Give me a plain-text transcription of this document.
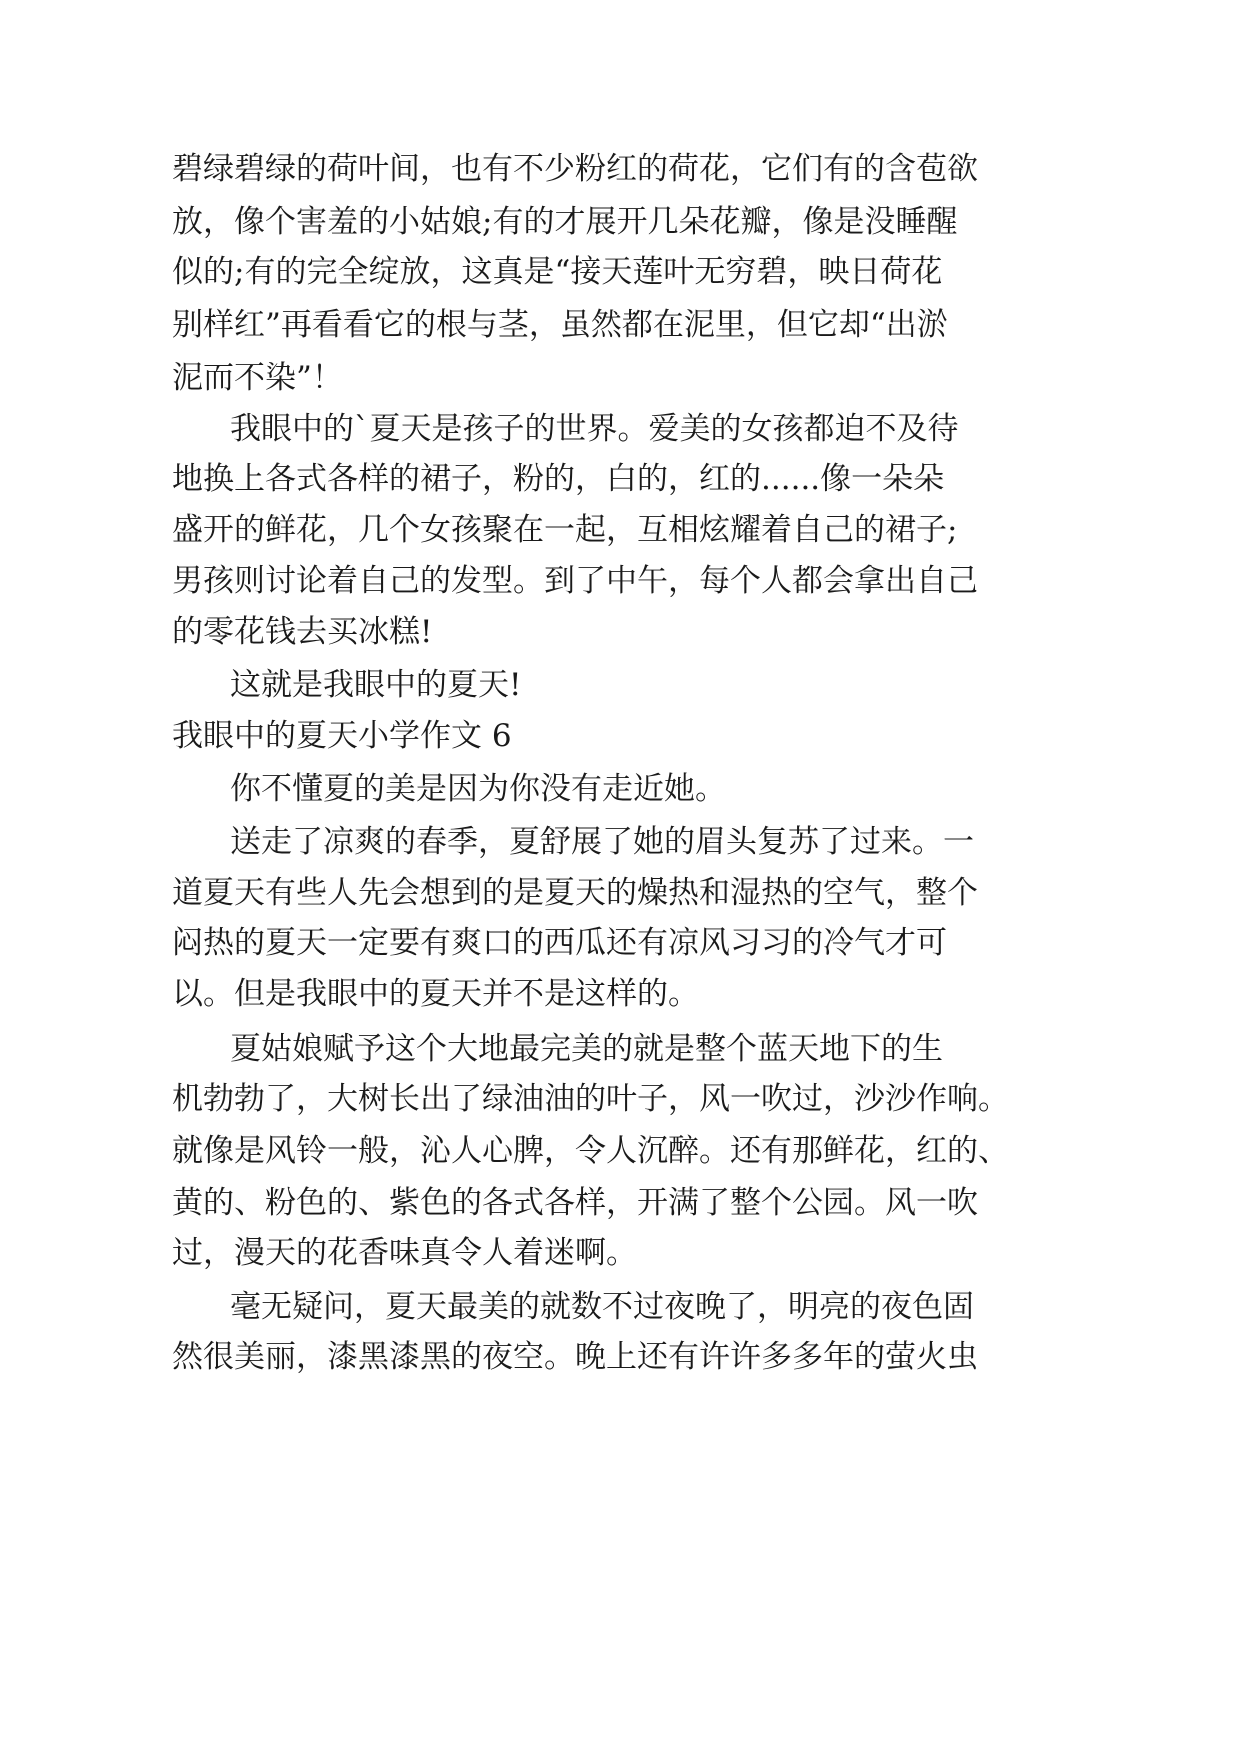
碧 绿 碧 绿 的 荷 叶 间 ， 也 有 不 少 粉 红 的 荷 花 ， 它 们 有 的 含 苞 欲
放 ， 像 个 害 羞 的 小 姑 娘 ; 有 的 才 展 开 几 朵 花 瓣 ， 像 是 没 睡 醒
似 的 ; 有 的 完 全 绽 放 ， 这 真 是 “ 接 天 莲 叶 无 穷 碧 ， 映 日 荷 花
别 样 红 ” 再 看 看 它 的 根 与 茎 ， 虽 然 都 在 泥 里 ， 但 它 却 “ 出 淤
泥而不染”！
我 眼 中 的 ` 夏 天 是 孩 子 的 世 界 。 爱 美 的 女 孩 都 迫 不 及 待
地 换 上 各 式 各 样 的 裙 子 ， 粉 的 ， 白 的 ， 红 的 . . . . . . 像 一 朵 朵
盛 开 的 鲜 花 ， 几 个 女 孩 聚 在 一 起 ， 互 相 炫 耀 着 自 己 的 裙 子 ;
男 孩 则 讨 论 着 自 己 的 发 型 。 到 了 中 午 ， 每 个 人 都 会 拿 出 自 己
的零花钱去买冰糕!
这就是我眼中的夏天!
我眼中的夏天小学作文 6
你不懂夏的美是因为你没有走近她。
送 走 了 凉 爽 的 春 季 ， 夏 舒 展 了 她 的 眉 头 复 苏 了 过 来 。 一
道 夏 天 有 些 人 先 会 想 到 的 是 夏 天 的 燥 热 和 湿 热 的 空 气 ， 整 个
闷 热 的 夏 天 一 定 要 有 爽 口 的 西 瓜 还 有 凉 风 习 习 的 冷 气 才 可
以。但是我眼中的夏天并不是这样的。
夏 姑 娘 赋 予 这 个 大 地 最 完 美 的 就 是 整 个 蓝 天 地 下 的 生
机 勃 勃 了 ， 大 树 长 出 了 绿 油 油 的 叶 子 ， 风 一 吹 过 ， 沙 沙 作 响 。
就 像 是 风 铃 一 般 ， 沁 人 心 脾 ， 令 人 沉 醉 。 还 有 那 鲜 花 ， 红 的 、
黄 的 、 粉 色 的 、 紫 色 的 各 式 各 样 ， 开 满 了 整 个 公 园 。 风 一 吹
过，漫天的花香味真令人着迷啊。
毫 无 疑 问 ， 夏 天 最 美 的 就 数 不 过 夜 晚 了 ， 明 亮 的 夜 色 固
然 很 美 丽 ， 漆 黑 漆 黑 的 夜 空 。 晚 上 还 有 许 许 多 多 年 的 萤 火 虫
